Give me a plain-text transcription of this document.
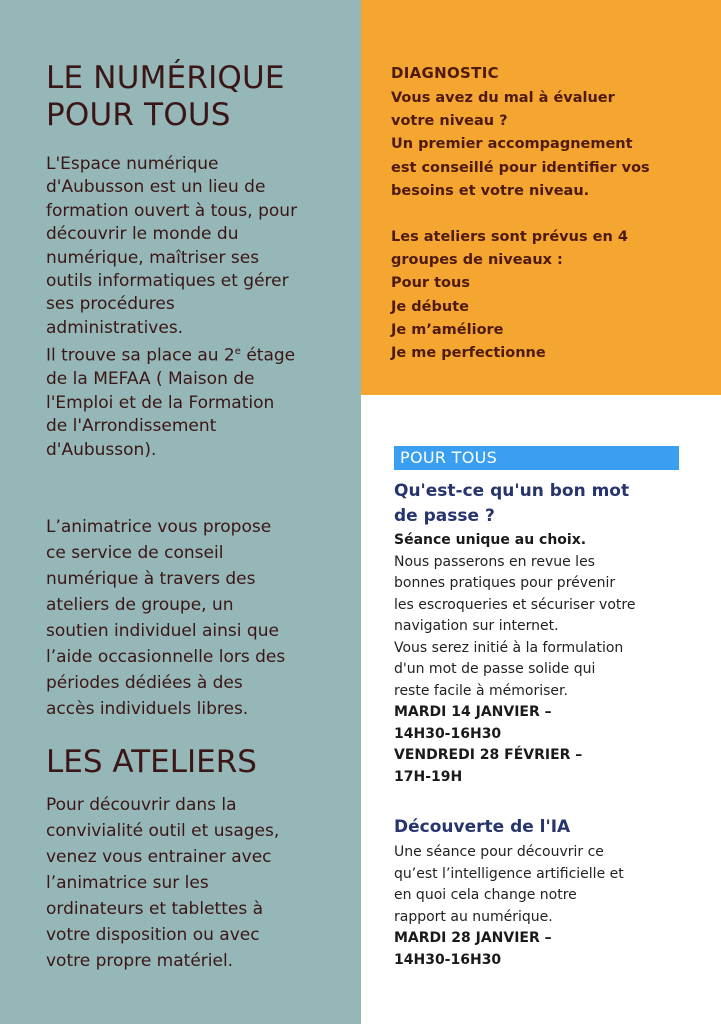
LE NUMÉRIQUE
POUR TOUS
L'Espace numérique
d'Aubusson est un lieu de
formation ouvert à tous, pour
découvrir le monde du
numérique, maîtriser ses
outils informatiques et gérer
ses procédures
administratives.
Il trouve sa place au 2e étage
de la MEFAA ( Maison de
l'Emploi et de la Formation
de l'Arrondissement
d'Aubusson).
L’animatrice vous propose
ce service de conseil
numérique à travers des
ateliers de groupe, un
soutien individuel ainsi que
l’aide occasionnelle lors des
périodes dédiées à des
accès individuels libres.
LES ATELIERS
Pour découvrir dans la
convivialité outil et usages,
venez vous entrainer avec
l’animatrice sur les
ordinateurs et tablettes à
votre disposition ou avec
votre propre matériel.
DIAGNOSTIC

Vous avez du mal à évaluer

votre niveau ?

Un premier accompagnement

est conseillé pour identifier vos

besoins et votre niveau.

Les ateliers sont prévus en 4

groupes de niveaux :

Pour tous

Je débute

Je m’améliore

Je me perfectionne

POUR TOUS
Qu'est-ce qu'un bon mot
de passe ?

Séance unique au choix.

Nous passerons en revue les

bonnes pratiques pour prévenir

les escroqueries et sécuriser votre

navigation sur internet.

Vous serez initié à la formulation

d'un mot de passe solide qui

reste facile à mémoriser.

MARDI 14 JANVIER –

14H30-16H30

VENDREDI 28 FÉVRIER –

17H-19H

Découverte de l'IA

Une séance pour découvrir ce

qu’est l’intelligence artificielle et

en quoi cela change notre

rapport au numérique.

MARDI 28 JANVIER –

14H30-16H30
